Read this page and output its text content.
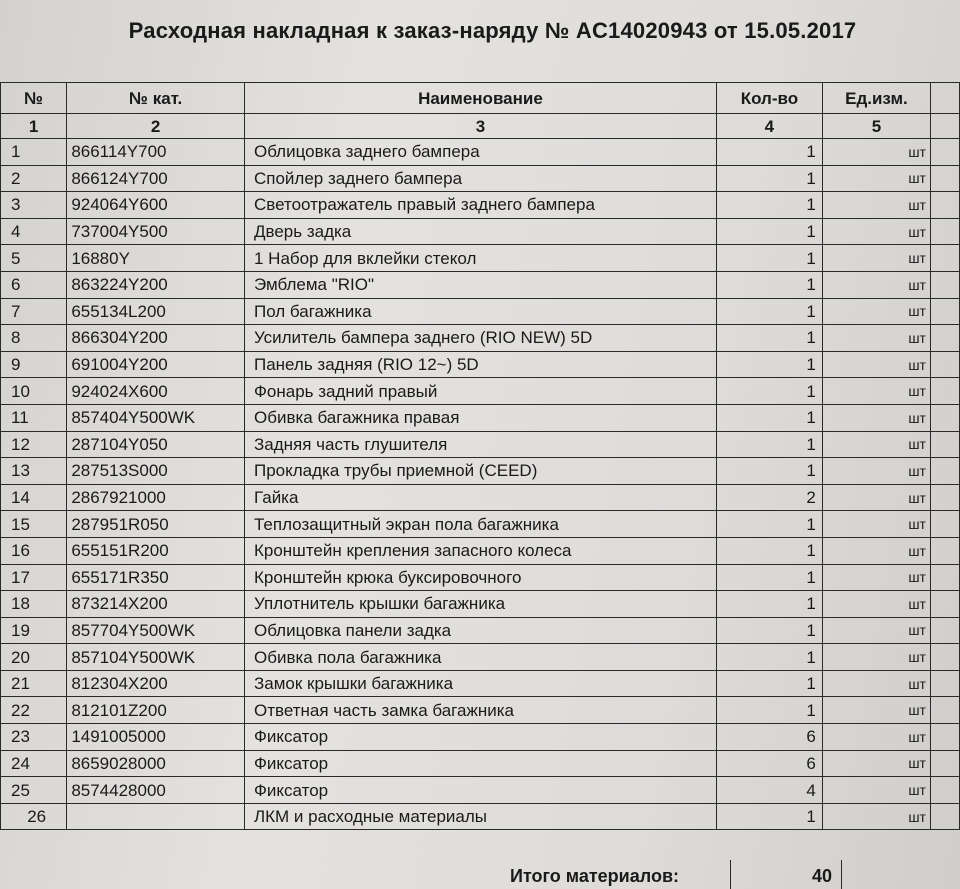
Расходная накладная к заказ-наряду № AC14020943 от 15.05.2017
№	№ кат.	Наименование	Кол-во	Ед.изм.	
1	2	3	4	5	
1	866114Y700	Облицовка заднего бампера	1	шт	
2	866124Y700	Спойлер заднего бампера	1	шт	
3	924064Y600	Светоотражатель правый заднего бампера	1	шт	
4	737004Y500	Дверь задка	1	шт	
5	16880Y	1 Набор для вклейки стекол	1	шт	
6	863224Y200	Эмблема "RIO"	1	шт	
7	655134L200	Пол багажника	1	шт	
8	866304Y200	Усилитель бампера заднего (RIO NEW) 5D	1	шт	
9	691004Y200	Панель задняя (RIO 12~) 5D	1	шт	
10	924024X600	Фонарь задний правый	1	шт	
11	857404Y500WK	Обивка багажника правая	1	шт	
12	287104Y050	Задняя часть глушителя	1	шт	
13	287513S000	Прокладка трубы приемной (CEED)	1	шт	
14	2867921000	Гайка	2	шт	
15	287951R050	Теплозащитный экран пола багажника	1	шт	
16	655151R200	Кронштейн крепления запасного колеса	1	шт	
17	655171R350	Кронштейн крюка буксировочного	1	шт	
18	873214X200	Уплотнитель крышки багажника	1	шт	
19	857704Y500WK	Облицовка панели задка	1	шт	
20	857104Y500WK	Обивка пола багажника	1	шт	
21	812304X200	Замок крышки багажника	1	шт	
22	812101Z200	Ответная часть замка багажника	1	шт	
23	1491005000	Фиксатор	6	шт	
24	8659028000	Фиксатор	6	шт	
25	8574428000	Фиксатор	4	шт	
26		ЛКМ и расходные материалы	1	шт	
Итого материалов:	40
